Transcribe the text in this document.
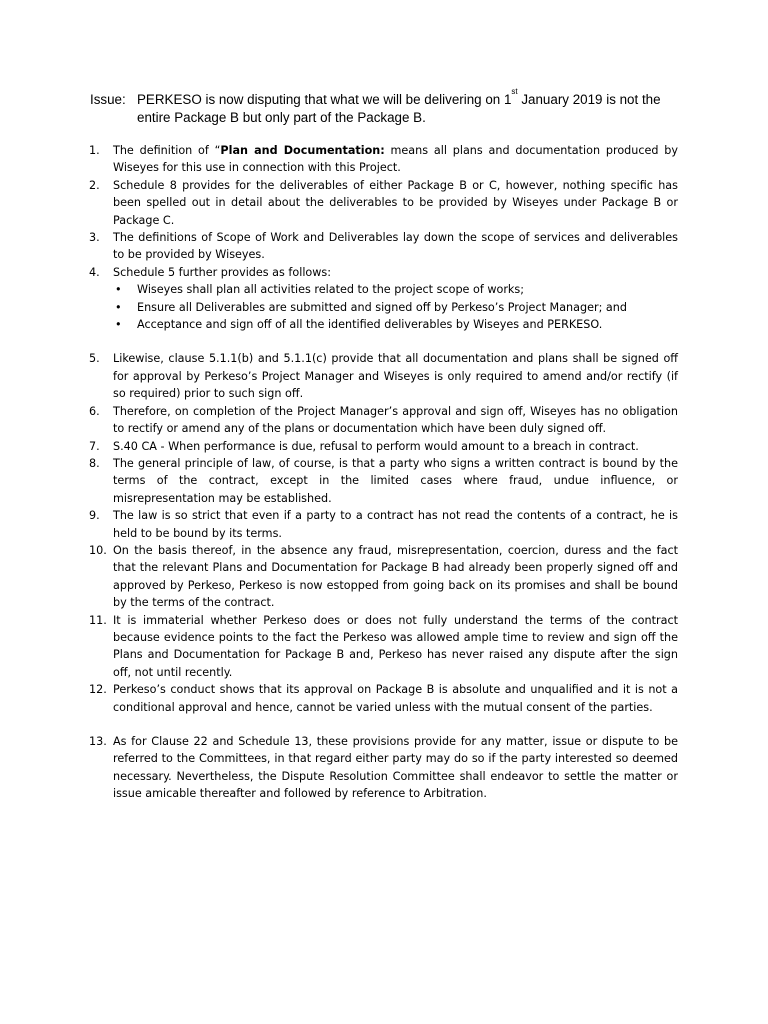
Issue: PERKESO is now disputing that what we will be delivering on 1st January 2019 is not the
entire Package B but only part of the Package B.
1. The definition of “Plan and Documentation: means all plans and documentation produced by Wiseyes for this use in connection with this Project.
2. Schedule 8 provides for the deliverables of either Package B or C, however, nothing specific has been spelled out in detail about the deliverables to be provided by Wiseyes under Package B or Package C.
3. The definitions of Scope of Work and Deliverables lay down the scope of services and deliverables to be provided by Wiseyes.
4. Schedule 5 further provides as follows:
• Wiseyes shall plan all activities related to the project scope of works;
• Ensure all Deliverables are submitted and signed off by Perkeso’s Project Manager; and
• Acceptance and sign off of all the identified deliverables by Wiseyes and PERKESO.
5. Likewise, clause 5.1.1(b) and 5.1.1(c) provide that all documentation and plans shall be signed off for approval by Perkeso’s Project Manager and Wiseyes is only required to amend and/or rectify (if so required) prior to such sign off.
6. Therefore, on completion of the Project Manager’s approval and sign off, Wiseyes has no obligation to rectify or amend any of the plans or documentation which have been duly signed off.
7. S.40 CA - When performance is due, refusal to perform would amount to a breach in contract.
8. The general principle of law, of course, is that a party who signs a written contract is bound by the terms of the contract, except in the limited cases where fraud, undue influence, or misrepresentation may be established.
9. The law is so strict that even if a party to a contract has not read the contents of a contract, he is held to be bound by its terms.
10. On the basis thereof, in the absence any fraud, misrepresentation, coercion, duress and the fact that the relevant Plans and Documentation for Package B had already been properly signed off and approved by Perkeso, Perkeso is now estopped from going back on its promises and shall be bound by the terms of the contract.
11. It is immaterial whether Perkeso does or does not fully understand the terms of the contract because evidence points to the fact the Perkeso was allowed ample time to review and sign off the Plans and Documentation for Package B and, Perkeso has never raised any dispute after the sign off, not until recently.
12. Perkeso’s conduct shows that its approval on Package B is absolute and unqualified and it is not a conditional approval and hence, cannot be varied unless with the mutual consent of the parties.
13. As for Clause 22 and Schedule 13, these provisions provide for any matter, issue or dispute to be referred to the Committees, in that regard either party may do so if the party interested so deemed necessary. Nevertheless, the Dispute Resolution Committee shall endeavor to settle the matter or issue amicable thereafter and followed by reference to Arbitration.
